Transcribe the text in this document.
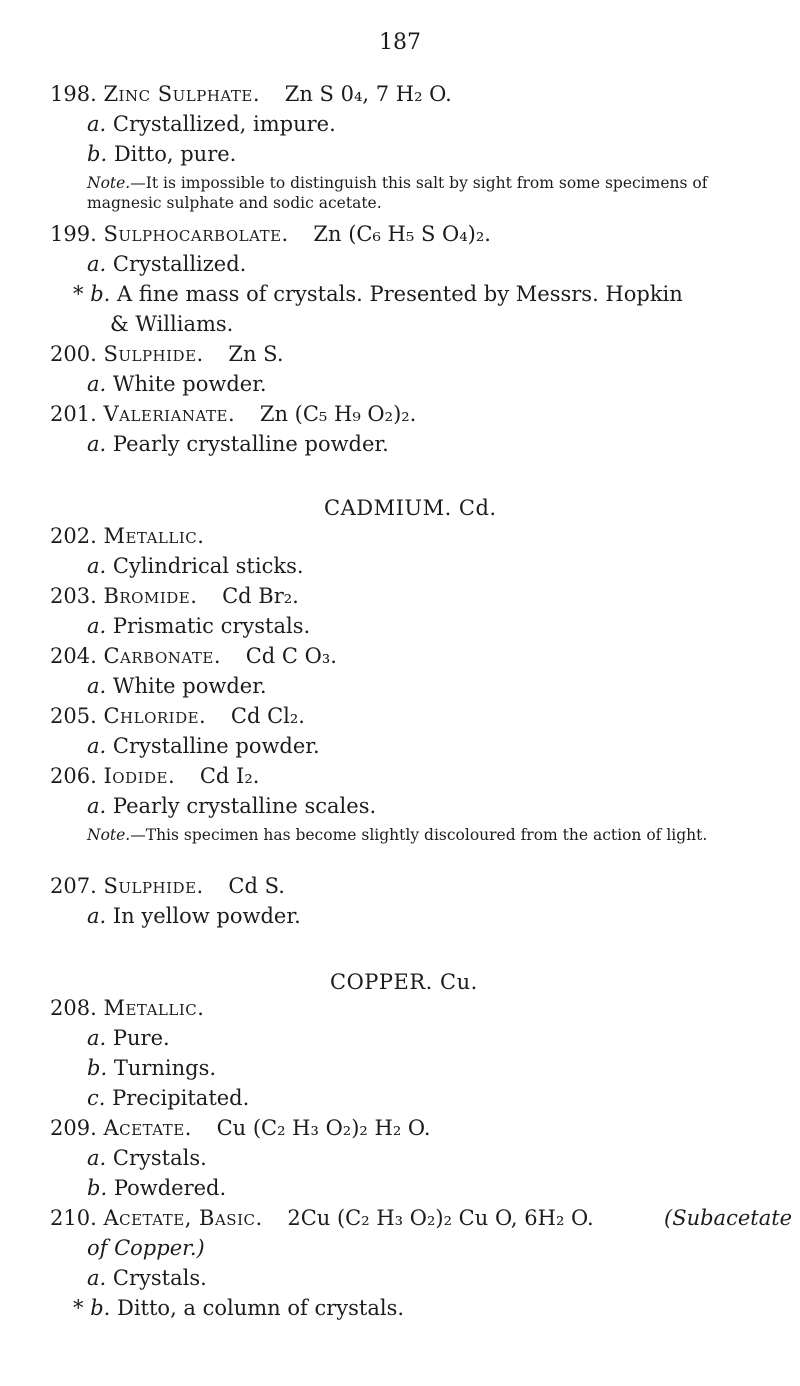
187
198. Zinc Sulphate. Zn S 0₄, 7 H₂ O.
a. Crystallized, impure.
b. Ditto, pure.
Note.—It is impossible to distinguish this salt by sight from some specimens of magnesic sulphate and sodic acetate.
199. Sulphocarbolate. Zn (C₆ H₅ S O₄)₂.
a. Crystallized.
* b. A fine mass of crystals. Presented by Messrs. Hopkin
& Williams.
200. Sulphide. Zn S.
a. White powder.
201. Valerianate. Zn (C₅ H₉ O₂)₂.
a. Pearly crystalline powder.
CADMIUM. Cd.
202. Metallic.
a. Cylindrical sticks.
203. Bromide. Cd Br₂.
a. Prismatic crystals.
204. Carbonate. Cd C O₃.
a. White powder.
205. Chloride. Cd Cl₂.
a. Crystalline powder.
206. Iodide. Cd I₂.
a. Pearly crystalline scales.
Note.—This specimen has become slightly discoloured from the action of light.
207. Sulphide. Cd S.
a. In yellow powder.
COPPER. Cu.
208. Metallic.
a. Pure.
b. Turnings.
c. Precipitated.
209. Acetate. Cu (C₂ H₃ O₂)₂ H₂ O.
a. Crystals.
b. Powdered.
210. Acetate, Basic. 2Cu (C₂ H₃ O₂)₂ Cu O, 6H₂ O.	(Subacetate
of Copper.)
a. Crystals.
* b. Ditto, a column of crystals.
